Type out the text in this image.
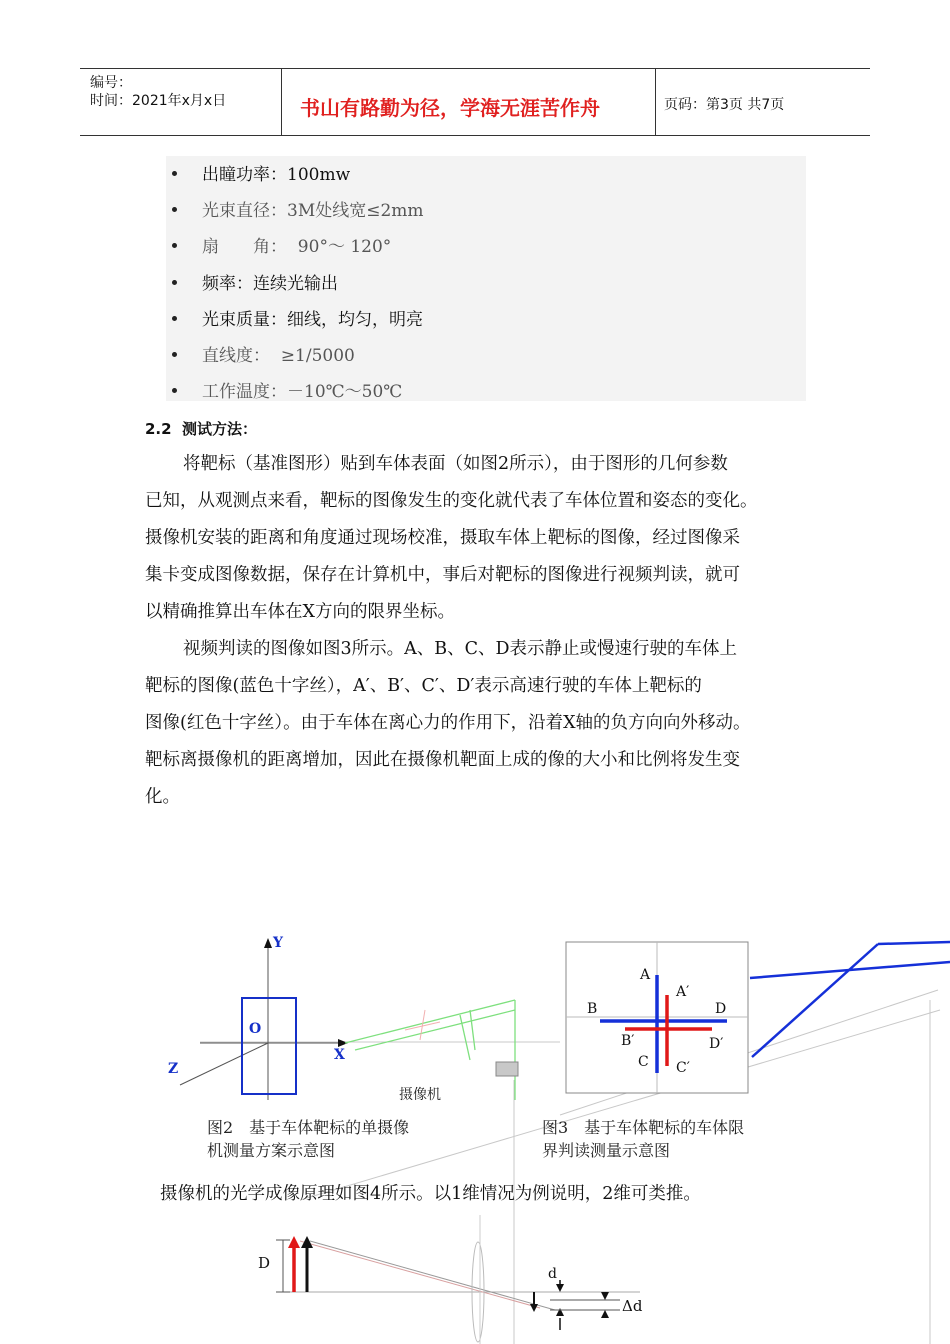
编号：
时间：2021年x月x日	书山有路勤为径，学海无涯苦作舟	页码：第3页 共7页
出瞳功率：100mw
光束直径：3M处线宽≤2mm
扇　　角：  90°～ 120°
频率：连续光输出
光束质量：细线，均匀，明亮
直线度：  ≥1/5000
工作温度：－10℃～50℃
2.2  测试方法：
将靶标（基准图形）贴到车体表面（如图2所示），由于图形的几何参数
已知，从观测点来看，靶标的图像发生的变化就代表了车体位置和姿态的变化。
摄像机安装的距离和角度通过现场校准，摄取车体上靶标的图像，经过图像采
集卡变成图像数据，保存在计算机中，事后对靶标的图像进行视频判读，就可
以精确推算出车体在X方向的限界坐标。
视频判读的图像如图3所示。A、B、C、D表示静止或慢速行驶的车体上
靶标的图像(蓝色十字丝），A′、B′、C′、D′表示高速行驶的车体上靶标的
图像(红色十字丝）。由于车体在离心力的作用下，沿着X轴的负方向向外移动。
靶标离摄像机的距离增加，因此在摄像机靶面上成的像的大小和比例将发生变
化。
Y
X
Z
O
摄像机
A
A′
B
B′
C C′
D
D′
D
d
Δd
图2　基于车体靶标的单摄像
机测量方案示意图
图3　基于车体靶标的车体限
界判读测量示意图
摄像机的光学成像原理如图4所示。以1维情况为例说明，2维可类推。
